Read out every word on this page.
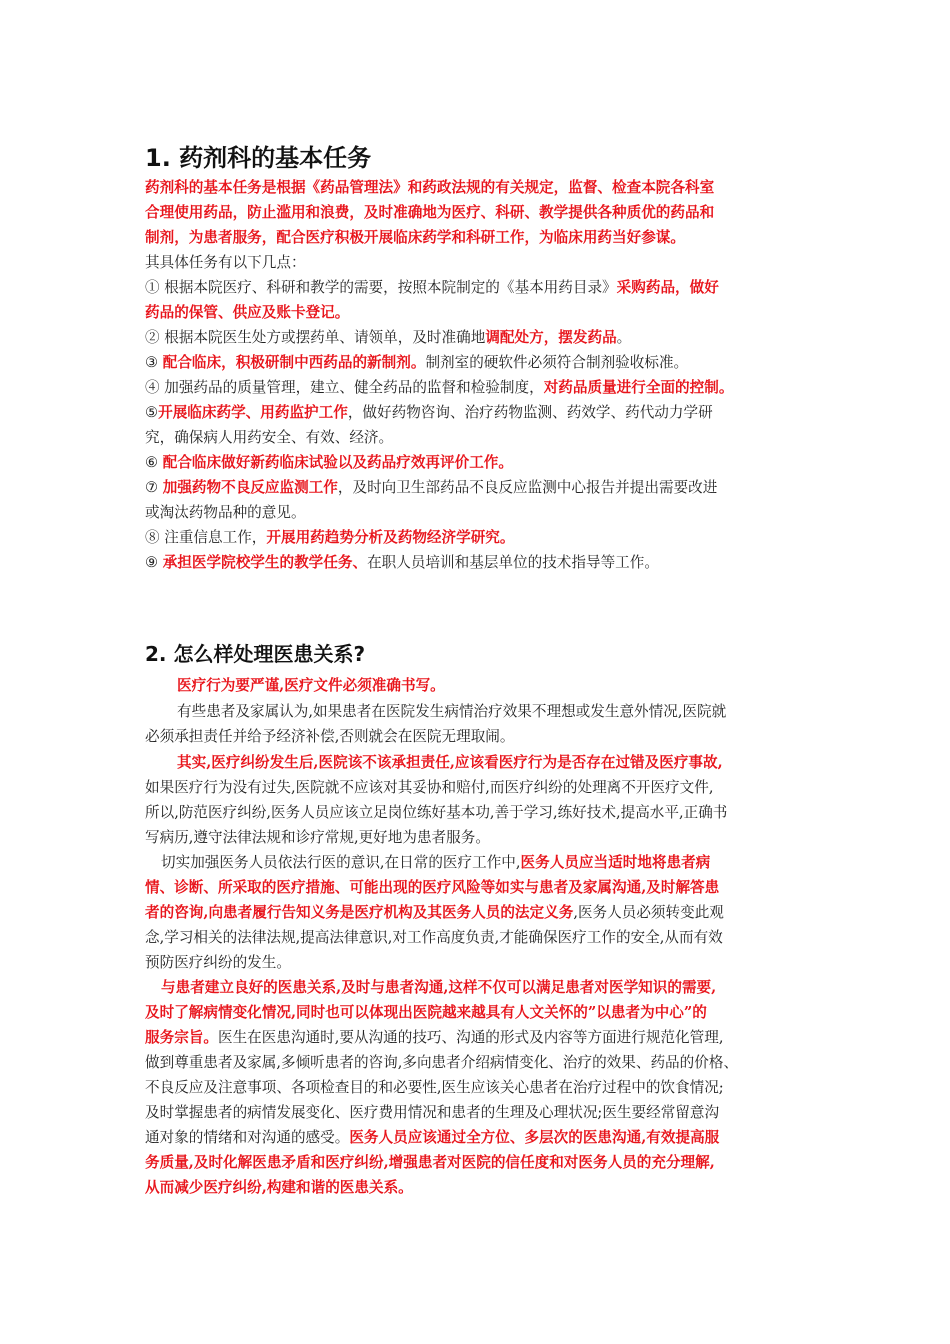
1. 药剂科的基本任务
药剂科的基本任务是根据《药品管理法》和药政法规的有关规定，监督、检查本院各科室
合理使用药品，防止滥用和浪费，及时准确地为医疗、科研、教学提供各种质优的药品和
制剂，为患者服务，配合医疗积极开展临床药学和科研工作，为临床用药当好参谋。
其具体任务有以下几点：
① 根据本院医疗、科研和教学的需要，按照本院制定的《基本用药目录》采购药品，做好
药品的保管、供应及账卡登记。
② 根据本院医生处方或摆药单、请领单，及时准确地调配处方，摆发药品。
③ 配合临床，积极研制中西药品的新制剂。制剂室的硬软件必须符合制剂验收标准。
④ 加强药品的质量管理，建立、健全药品的监督和检验制度，对药品质量进行全面的控制。
⑤开展临床药学、用药监护工作，做好药物咨询、治疗药物监测、药效学、药代动力学研
究，确保病人用药安全、有效、经济。
⑥ 配合临床做好新药临床试验以及药品疗效再评价工作。
⑦ 加强药物不良反应监测工作，及时向卫生部药品不良反应监测中心报告并提出需要改进
或淘汰药物品种的意见。
⑧ 注重信息工作，开展用药趋势分析及药物经济学研究。
⑨ 承担医学院校学生的教学任务、在职人员培训和基层单位的技术指导等工作。
2. 怎么样处理医患关系?
医疗行为要严谨,医疗文件必须准确书写。
有些患者及家属认为,如果患者在医院发生病情治疗效果不理想或发生意外情况,医院就
必须承担责任并给予经济补偿,否则就会在医院无理取闹。
其实,医疗纠纷发生后,医院该不该承担责任,应该看医疗行为是否存在过错及医疗事故,
如果医疗行为没有过失,医院就不应该对其妥协和赔付,而医疗纠纷的处理离不开医疗文件,
所以,防范医疗纠纷,医务人员应该立足岗位练好基本功,善于学习,练好技术,提高水平,正确书
写病历,遵守法律法规和诊疗常规,更好地为患者服务。
切实加强医务人员依法行医的意识,在日常的医疗工作中,医务人员应当适时地将患者病
情、诊断、所采取的医疗措施、可能出现的医疗风险等如实与患者及家属沟通,及时解答患
者的咨询,向患者履行告知义务是医疗机构及其医务人员的法定义务,医务人员必须转变此观
念,学习相关的法律法规,提高法律意识,对工作高度负责,才能确保医疗工作的安全,从而有效
预防医疗纠纷的发生。
与患者建立良好的医患关系,及时与患者沟通,这样不仅可以满足患者对医学知识的需要,
及时了解病情变化情况,同时也可以体现出医院越来越具有人文关怀的”以患者为中心”的
服务宗旨。医生在医患沟通时,要从沟通的技巧、沟通的形式及内容等方面进行规范化管理,
做到尊重患者及家属,多倾听患者的咨询,多向患者介绍病情变化、治疗的效果、药品的价格、
不良反应及注意事项、各项检查目的和必要性,医生应该关心患者在治疗过程中的饮食情况;
及时掌握患者的病情发展变化、医疗费用情况和患者的生理及心理状况;医生要经常留意沟
通对象的情绪和对沟通的感受。医务人员应该通过全方位、多层次的医患沟通,有效提高服
务质量,及时化解医患矛盾和医疗纠纷,增强患者对医院的信任度和对医务人员的充分理解,
从而减少医疗纠纷,构建和谐的医患关系。
